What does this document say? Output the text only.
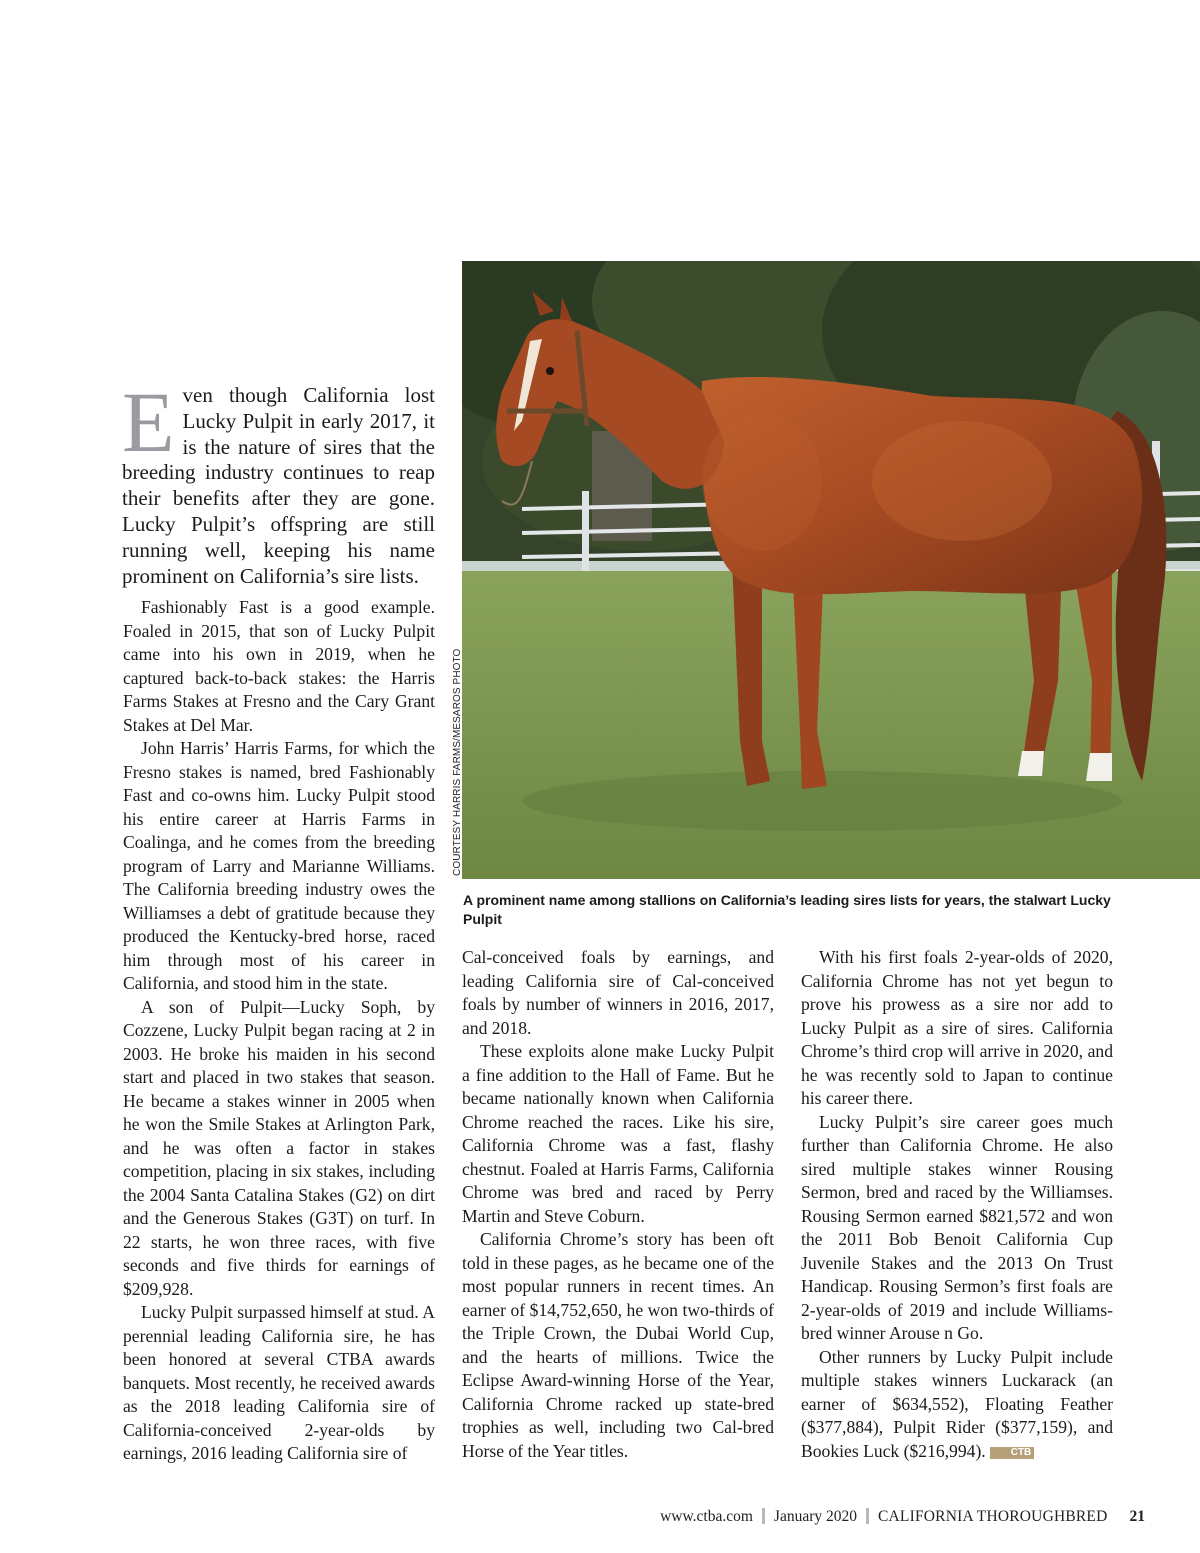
Even though California lost Lucky Pulpit in early 2017, it is the nature of sires that the breeding industry continues to reap their benefits after they are gone. Lucky Pulpit’s offspring are still running well, keeping his name prominent on California’s sire lists.

Fashionably Fast is a good example. Foaled in 2015, that son of Lucky Pulpit came into his own in 2019, when he captured back-to-back stakes: the Harris Farms Stakes at Fresno and the Cary Grant Stakes at Del Mar.

John Harris’ Harris Farms, for which the Fresno stakes is named, bred Fashionably Fast and co-owns him. Lucky Pulpit stood his entire career at Harris Farms in Coalinga, and he comes from the breeding program of Larry and Marianne Williams. The California breeding industry owes the Williamses a debt of gratitude because they produced the Kentucky-bred horse, raced him through most of his career in California, and stood him in the state.

A son of Pulpit—Lucky Soph, by Cozzene, Lucky Pulpit began racing at 2 in 2003. He broke his maiden in his second start and placed in two stakes that season. He became a stakes winner in 2005 when he won the Smile Stakes at Arlington Park, and he was often a factor in stakes competition, placing in six stakes, including the 2004 Santa Catalina Stakes (G2) on dirt and the Generous Stakes (G3T) on turf. In 22 starts, he won three races, with five seconds and five thirds for earnings of $209,928.

Lucky Pulpit surpassed himself at stud. A perennial leading California sire, he has been honored at several CTBA awards banquets. Most recently, he received awards as the 2018 leading California sire of California-conceived 2-year-olds by earnings, 2016 leading California sire of

COURTESY HARRIS FARMS/MESAROS PHOTO
A prominent name among stallions on California’s leading sires lists for years, the stalwart Lucky Pulpit

Cal-conceived foals by earnings, and leading California sire of Cal-conceived foals by number of winners in 2016, 2017, and 2018.

These exploits alone make Lucky Pulpit a fine addition to the Hall of Fame. But he became nationally known when California Chrome reached the races. Like his sire, California Chrome was a fast, flashy chestnut. Foaled at Harris Farms, California Chrome was bred and raced by Perry Martin and Steve Coburn.

California Chrome’s story has been oft told in these pages, as he became one of the most popular runners in recent times. An earner of $14,752,650, he won two-thirds of the Triple Crown, the Dubai World Cup, and the hearts of millions. Twice the Eclipse Award-winning Horse of the Year, California Chrome racked up state-bred trophies as well, including two Cal-bred Horse of the Year titles.

With his first foals 2-year-olds of 2020, California Chrome has not yet begun to prove his prowess as a sire nor add to Lucky Pulpit as a sire of sires. California Chrome’s third crop will arrive in 2020, and he was recently sold to Japan to continue his career there.

Lucky Pulpit’s sire career goes much further than California Chrome. He also sired multiple stakes winner Rousing Sermon, bred and raced by the Williamses. Rousing Sermon earned $821,572 and won the 2011 Bob Benoit California Cup Juvenile Stakes and the 2013 On Trust Handicap. Rousing Sermon’s first foals are 2-year-olds of 2019 and include Williams-bred winner Arouse n Go.

Other runners by Lucky Pulpit include multiple stakes winners Luckarack (an earner of $634,552), Floating Feather ($377,884), Pulpit Rider ($377,159), and Bookies Luck ($216,994).	CTB

www.ctba.com January 2020 CALIFORNIA THOROUGHBRED 21
